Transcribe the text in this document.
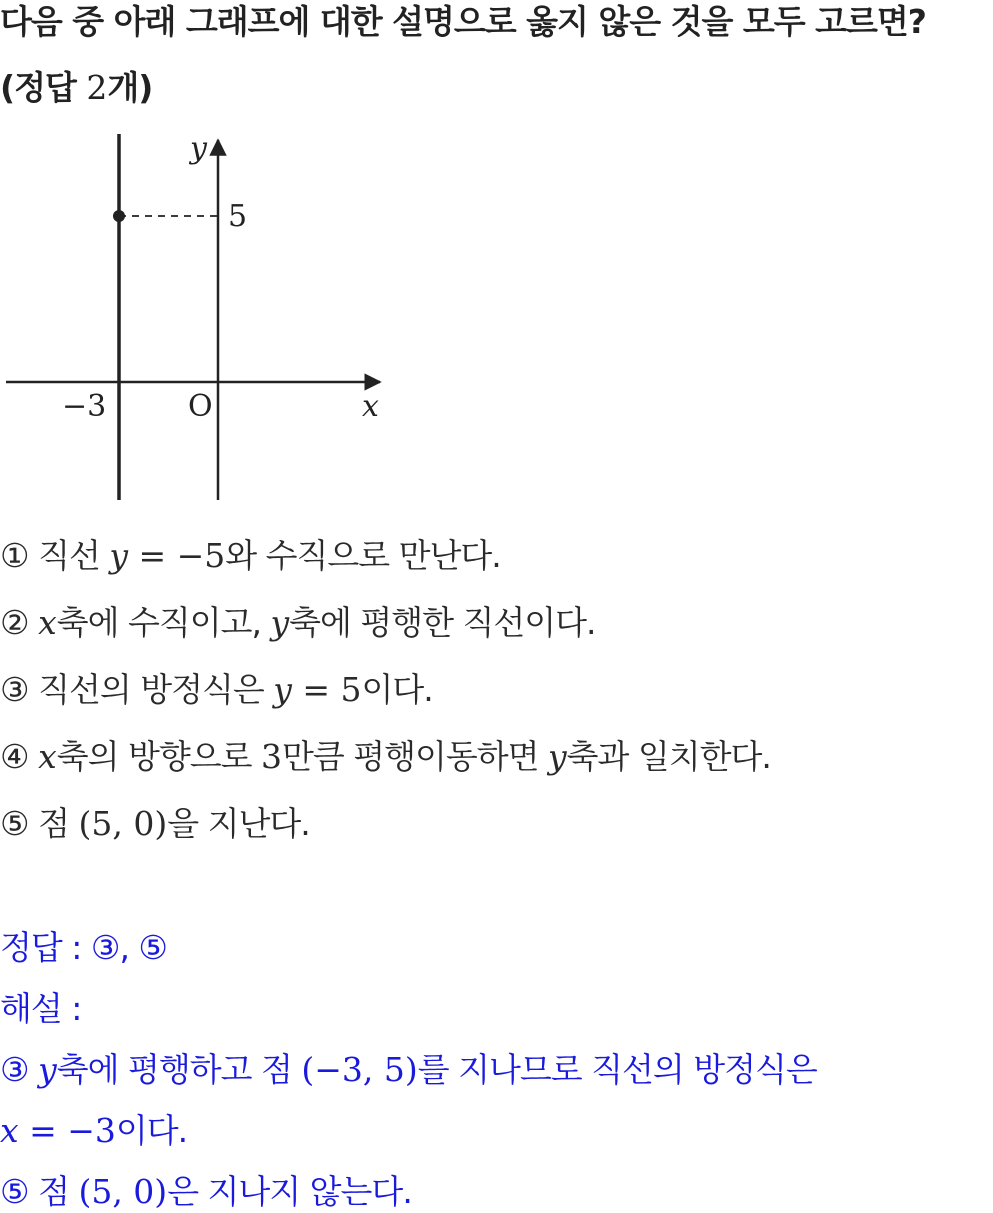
다음 중 아래 그래프에 대한 설명으로 옳지 않은 것을 모두 고르면?
(정답 2개)
y
5
x
O
−3
① 직선 y = −5와 수직으로 만난다.
② x축에 수직이고, y축에 평행한 직선이다.
③ 직선의 방정식은 y = 5이다.
④ x축의 방향으로 3만큼 평행이동하면 y축과 일치한다.
⑤ 점 (5, 0)을 지난다.
정답 : ③, ⑤
해설 :
③ y축에 평행하고 점 (−3, 5)를 지나므로 직선의 방정식은
x = −3이다.
⑤ 점 (5, 0)은 지나지 않는다.
